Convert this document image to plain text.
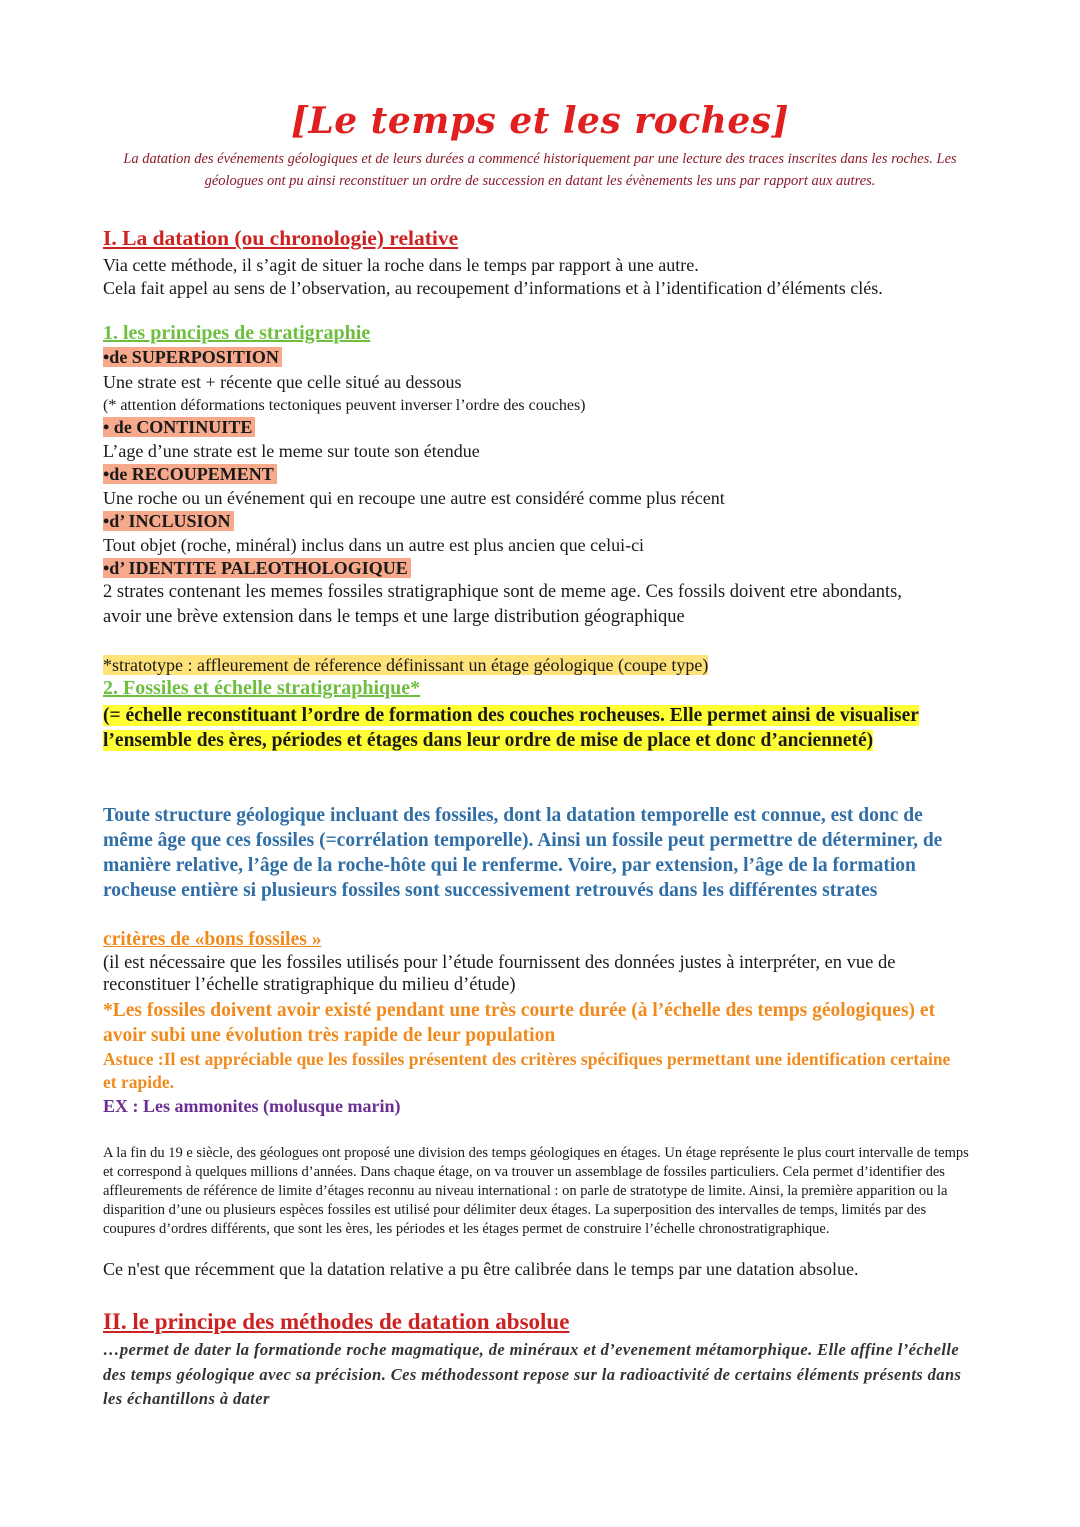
[Le temps et les roches]
La datation des événements géologiques et de leurs durées a commencé historiquement par une lecture des traces inscrites dans les roches. Les géologues ont pu ainsi reconstituer un ordre de succession en datant les évènements les uns par rapport aux autres.
I. La datation (ou chronologie) relative
Via cette méthode, il s’agit de situer la roche dans le temps par rapport à une autre.
Cela fait appel au sens de l’observation, au recoupement d’informations et à l’identification d’éléments clés.
1. les principes de stratigraphie
•de SUPERPOSITION
Une strate est + récente que celle situé au dessous
(* attention déformations tectoniques peuvent inverser l’ordre des couches)
• de CONTINUITE
L’age d’une strate est le meme sur toute son étendue
•de RECOUPEMENT
Une roche ou un événement qui en recoupe une autre est considéré comme plus récent
•d’ INCLUSION
Tout objet (roche, minéral) inclus dans un autre est plus ancien que celui-ci
•d’ IDENTITE PALEOTHOLOGIQUE
2 strates contenant les memes fossiles stratigraphique sont de meme age. Ces fossils doivent etre abondants, avoir une brève extension dans le temps et une large distribution géographique
*stratotype : affleurement de réference définissant un étage géologique (coupe type)
2. Fossiles et échelle stratigraphique*
(= échelle reconstituant l’ordre de formation des couches rocheuses. Elle permet ainsi de visualiser l’ensemble des ères, périodes et étages dans leur ordre de mise de place et donc d’ancienneté)
Toute structure géologique incluant des fossiles, dont la datation temporelle est connue, est donc de même âge que ces fossiles (=corrélation temporelle). Ainsi un fossile peut permettre de déterminer, de manière relative, l’âge de la roche-hôte qui le renferme. Voire, par extension, l’âge de la formation rocheuse entière si plusieurs fossiles sont successivement retrouvés dans les différentes strates
critères de «bons fossiles »
(il est nécessaire que les fossiles utilisés pour l’étude fournissent des données justes à interpréter, en vue de reconstituer l’échelle stratigraphique du milieu d’étude)
*Les fossiles doivent avoir existé pendant une très courte durée (à l’échelle des temps géologiques) et avoir subi une évolution très rapide de leur population
Astuce :Il est appréciable que les fossiles présentent des critères spécifiques permettant une identification certaine et rapide.
EX : Les ammonites (molusque marin)
A la fin du 19 e siècle, des géologues ont proposé une division des temps géologiques en étages. Un étage représente le plus court intervalle de temps et correspond à quelques millions d’années. Dans chaque étage, on va trouver un assemblage de fossiles particuliers. Cela permet d’identifier des affleurements de référence de limite d’étages reconnu au niveau international : on parle de stratotype de limite. Ainsi, la première apparition ou la disparition d’une ou plusieurs espèces fossiles est utilisé pour délimiter deux étages. La superposition des intervalles de temps, limités par des coupures d’ordres différents, que sont les ères, les périodes et les étages permet de construire l’échelle chronostratigraphique.
Ce n'est que récemment que la datation relative a pu être calibrée dans le temps par une datation absolue.
II. le principe des méthodes de datation absolue
…permet de dater la formationde roche magmatique, de minéraux et d’evenement métamorphique. Elle affine l’échelle des temps géologique avec sa précision. Ces méthodessont repose sur la radioactivité de certains éléments présents dans les échantillons à dater
